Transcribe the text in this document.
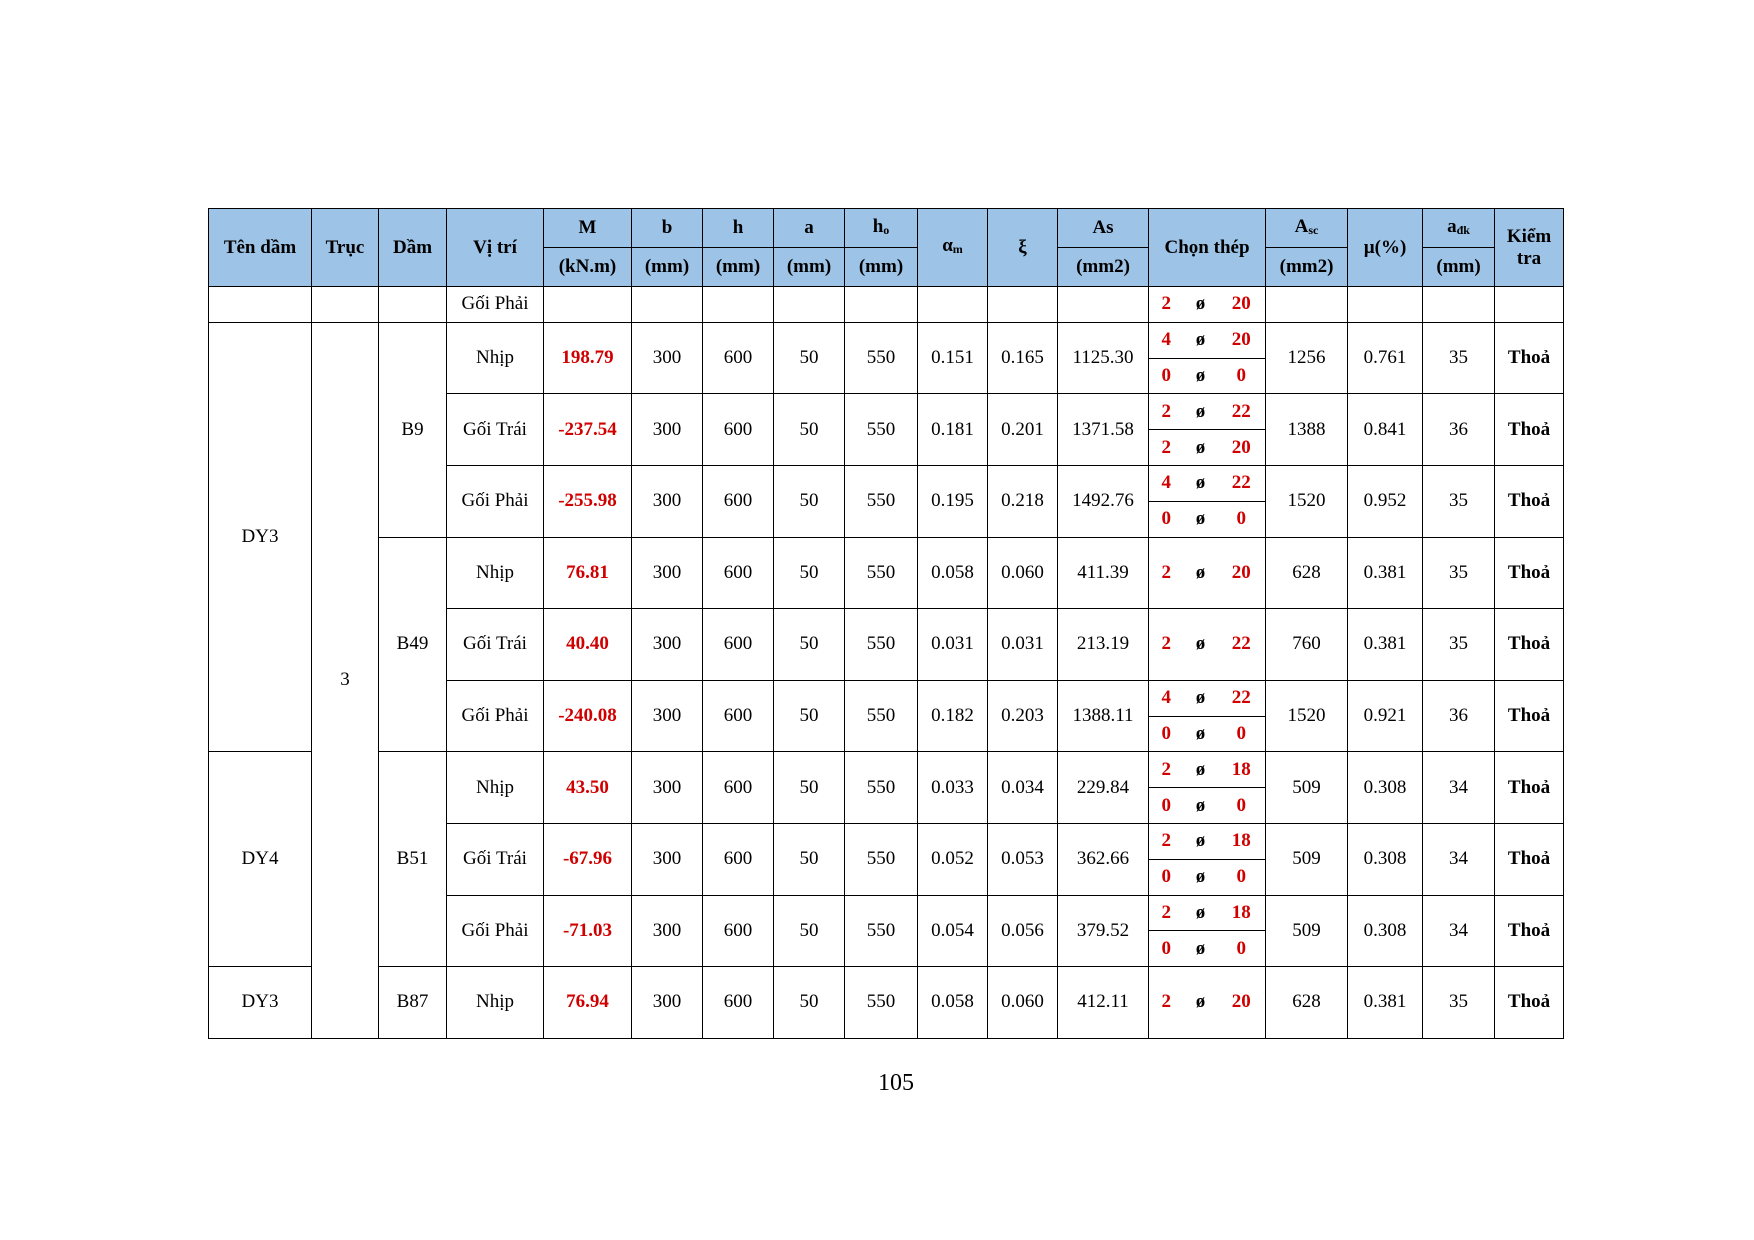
Tên dầm	Trục	Dầm	Vị trí	M	b	h	a	ho	αm	ξ	As	Chọn thép			Asc	µ(%)	ađk	Kiểm tra
				(kN.m)	(mm)	(mm)	(mm)	(mm)			(mm2)				(mm2)		(mm)	
			Gối Phải									2	ø	20				
DY3	3	B9	Nhịp	198.79	300	600	50	550	0.151	0.165	1125.30	4	ø	20	1256	0.761	35	Thoả
												0	ø	0				
			Gối Trái	-237.54	300	600	50	550	0.181	0.201	1371.58	2	ø	22	1388	0.841	36	Thoả
												2	ø	20				
			Gối Phải	-255.98	300	600	50	550	0.195	0.218	1492.76	4	ø	22	1520	0.952	35	Thoả
												0	ø	0				
		B49	Nhịp	76.81	300	600	50	550	0.058	0.060	411.39	2	ø	20	628	0.381	35	Thoả

			Gối Trái	40.40	300	600	50	550	0.031	0.031	213.19	2	ø	22	760	0.381	35	Thoả

			Gối Phải	-240.08	300	600	50	550	0.182	0.203	1388.11	4	ø	22	1520	0.921	36	Thoả
												0	ø	0				
DY4		B51	Nhịp	43.50	300	600	50	550	0.033	0.034	229.84	2	ø	18	509	0.308	34	Thoả
												0	ø	0				
			Gối Trái	-67.96	300	600	50	550	0.052	0.053	362.66	2	ø	18	509	0.308	34	Thoả
												0	ø	0				
			Gối Phải	-71.03	300	600	50	550	0.054	0.056	379.52	2	ø	18	509	0.308	34	Thoả
												0	ø	0				
DY3		B87	Nhịp	76.94	300	600	50	550	0.058	0.060	412.11	2	ø	20	628	0.381	35	Thoả

105
